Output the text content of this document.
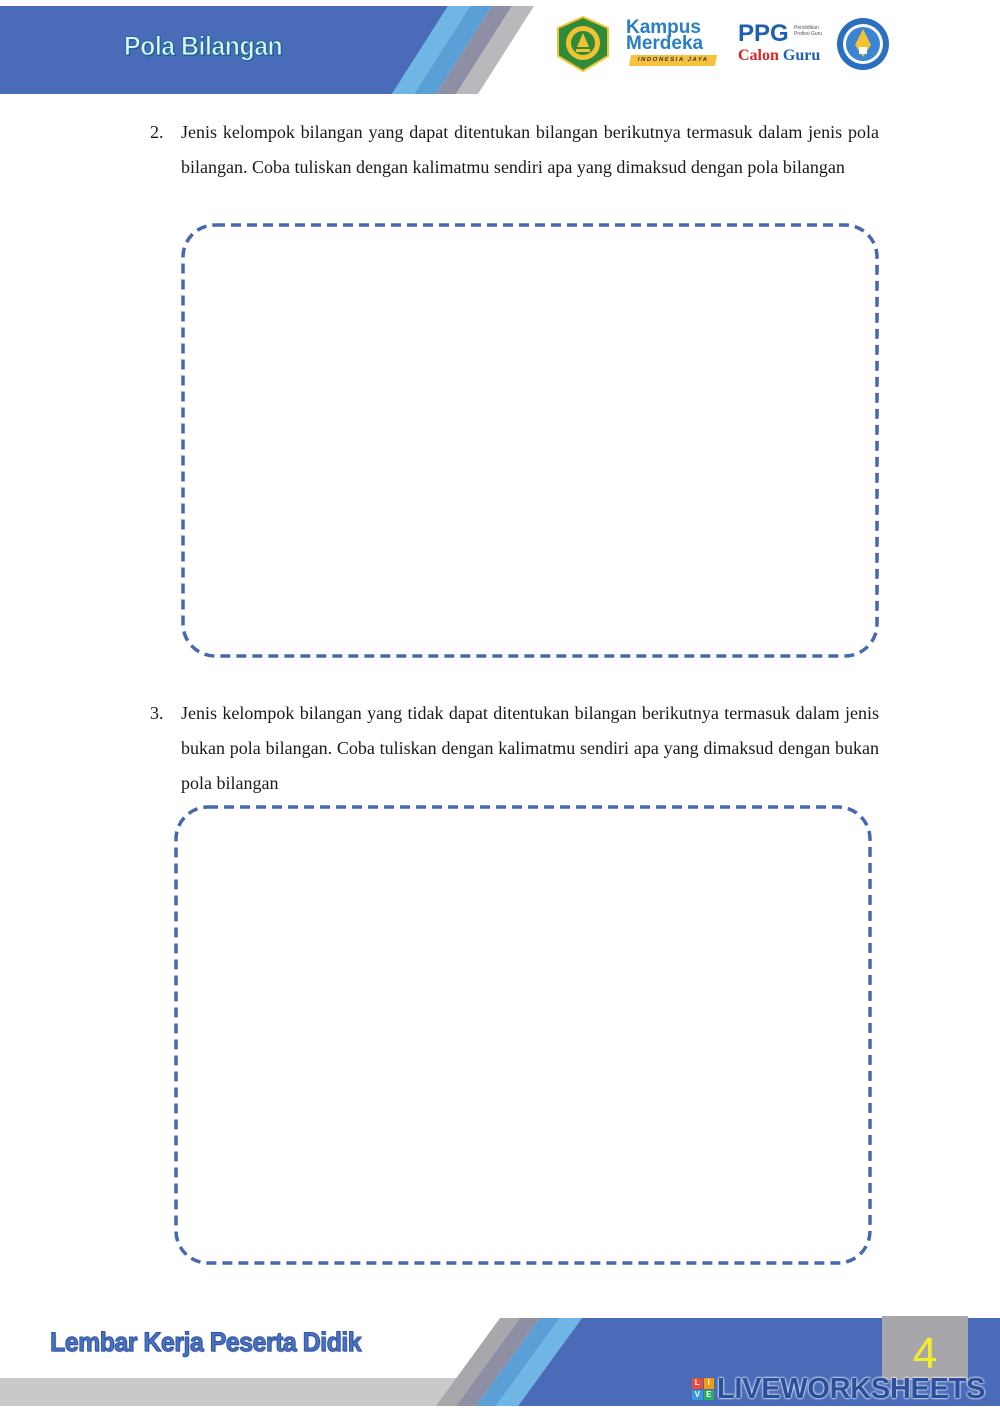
Pola Bilangan
Kampus
Merdeka
INDONESIA JAYA
PPG Pendidikan Profesi Guru
Calon Guru
2. Jenis kelompok bilangan yang dapat ditentukan bilangan berikutnya termasuk dalam jenis pola bilangan. Coba tuliskan dengan kalimatmu sendiri apa yang dimaksud dengan pola bilangan
3. Jenis kelompok bilangan yang tidak dapat ditentukan bilangan berikutnya termasuk dalam jenis bukan pola bilangan. Coba tuliskan dengan kalimatmu sendiri apa yang dimaksud dengan bukan pola bilangan
Lembar Kerja Peserta Didik	4
L I
V E LIVEWORKSHEETS
